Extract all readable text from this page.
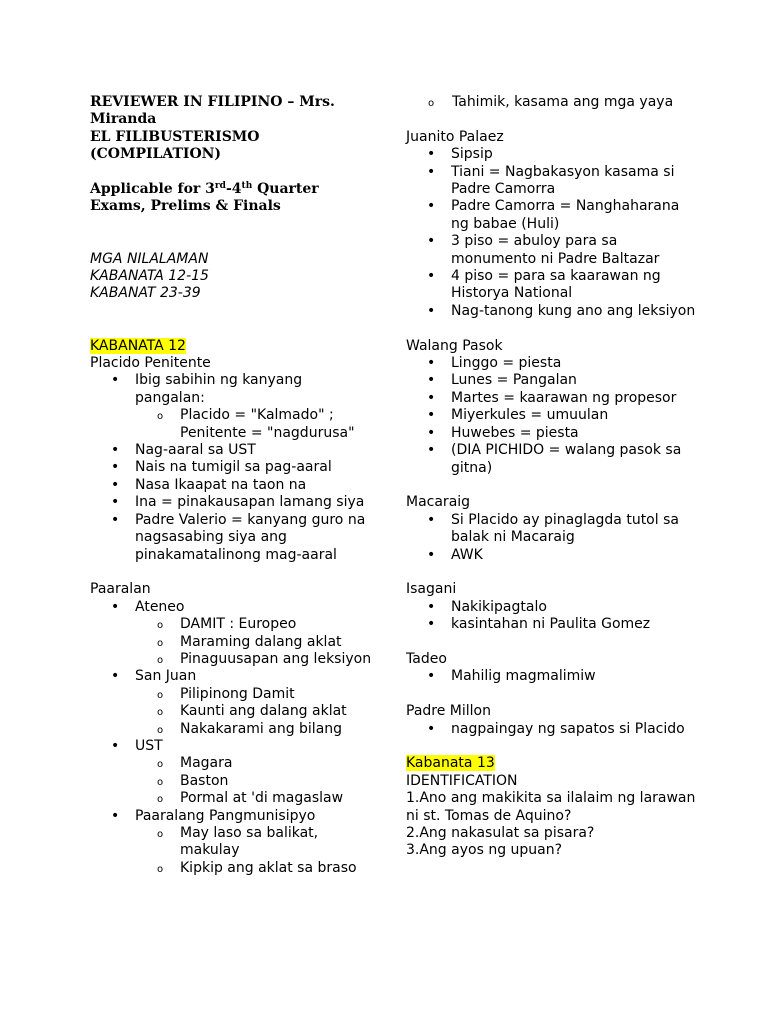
REVIEWER IN FILIPINO – Mrs.
Miranda
EL FILIBUSTERISMO
(COMPILATION)
Applicable for 3rd-4th Quarter
Exams, Prelims & Finals
MGA NILALAMAN
KABANATA 12-15
KABANAT 23-39
KABANATA 12
Placido Penitente
• Ibig sabihin ng kanyang pangalan:
o Placido = "Kalmado" ; Penitente = "nagdurusa"
• Nag-aaral sa UST
• Nais na tumigil sa pag-aaral
• Nasa Ikaapat na taon na
• Ina = pinakausapan lamang siya
• Padre Valerio = kanyang guro na nagsasabing siya ang pinakamatalinong mag-aaral
Paaralan
• Ateneo
o DAMIT : Europeo
o Maraming dalang aklat
o Pinaguusapan ang leksiyon
• San Juan
o Pilipinong Damit
o Kaunti ang dalang aklat
o Nakakarami ang bilang
• UST
o Magara
o Baston
o Pormal at 'di magaslaw
• Paaralang Pangmunisipyo
o May laso sa balikat, makulay
o Kipkip ang aklat sa braso
o Tahimik, kasama ang mga yaya
Juanito Palaez
• Sipsip
• Tiani = Nagbakasyon kasama si Padre Camorra
• Padre Camorra = Nanghaharana ng babae (Huli)
• 3 piso = abuloy para sa monumento ni Padre Baltazar
• 4 piso = para sa kaarawan ng Historya National
• Nag-tanong kung ano ang leksiyon
Walang Pasok
• Linggo = piesta
• Lunes = Pangalan
• Martes = kaarawan ng propesor
• Miyerkules = umuulan
• Huwebes = piesta
• (DIA PICHIDO = walang pasok sa gitna)
Macaraig
• Si Placido ay pinaglagda tutol sa balak ni Macaraig
• AWK
Isagani
• Nakikipagtalo
• kasintahan ni Paulita Gomez
Tadeo
• Mahilig magmalimiw
Padre Millon
• nagpaingay ng sapatos si Placido
Kabanata 13
IDENTIFICATION
1.Ano ang makikita sa ilalaim ng larawan ni st. Tomas de Aquino?
2.Ang nakasulat sa pisara?
3.Ang ayos ng upuan?
